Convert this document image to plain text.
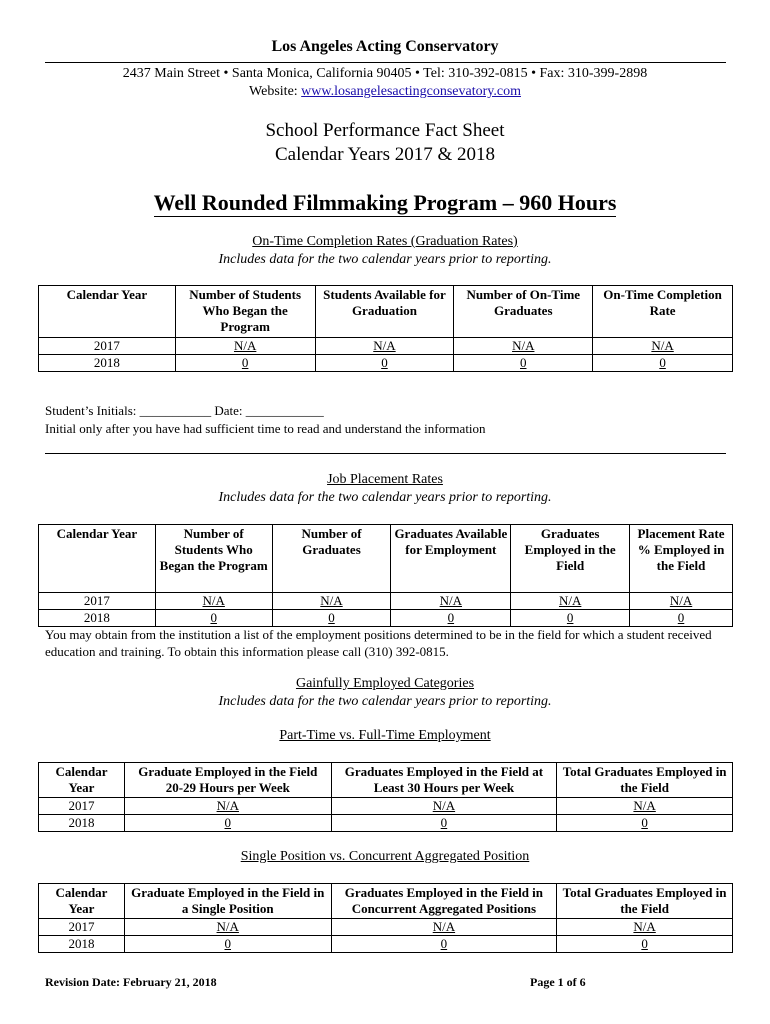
Los Angeles Acting Conservatory
2437 Main Street • Santa Monica, California 90405 • Tel: 310-392-0815 • Fax: 310-399-2898
Website: www.losangelesactingconsevatory.com
School Performance Fact Sheet
Calendar Years 2017 & 2018
Well Rounded Filmmaking Program – 960 Hours
On-Time Completion Rates (Graduation Rates)
Includes data for the two calendar years prior to reporting.
Calendar Year	Number of Students Who Began the Program	Students Available for Graduation	Number of On-Time Graduates	On-Time Completion Rate
2017	N/A	N/A	N/A	N/A
2018	0	0	0	0
Student’s Initials: ___________ Date: ____________
Initial only after you have had sufficient time to read and understand the information
Job Placement Rates
Includes data for the two calendar years prior to reporting.
Calendar Year	Number of Students Who Began the Program	Number of Graduates	Graduates Available for Employment	Graduates Employed in the Field	Placement Rate % Employed in the Field
2017	N/A	N/A	N/A	N/A	N/A
2018	0	0	0	0	0
You may obtain from the institution a list of the employment positions determined to be in the field for which a student received education and training. To obtain this information please call (310) 392-0815.
Gainfully Employed Categories
Includes data for the two calendar years prior to reporting.
Part-Time vs. Full-Time Employment
Calendar Year	Graduate Employed in the Field 20-29 Hours per Week	Graduates Employed in the Field at Least 30 Hours per Week	Total Graduates Employed in the Field
2017	N/A	N/A	N/A
2018	0	0	0
Single Position vs. Concurrent Aggregated Position
Calendar Year	Graduate Employed in the Field in a Single Position	Graduates Employed in the Field in Concurrent Aggregated Positions	Total Graduates Employed in the Field
2017	N/A	N/A	N/A
2018	0	0	0
Revision Date: February 21, 2018	Page 1 of 6
